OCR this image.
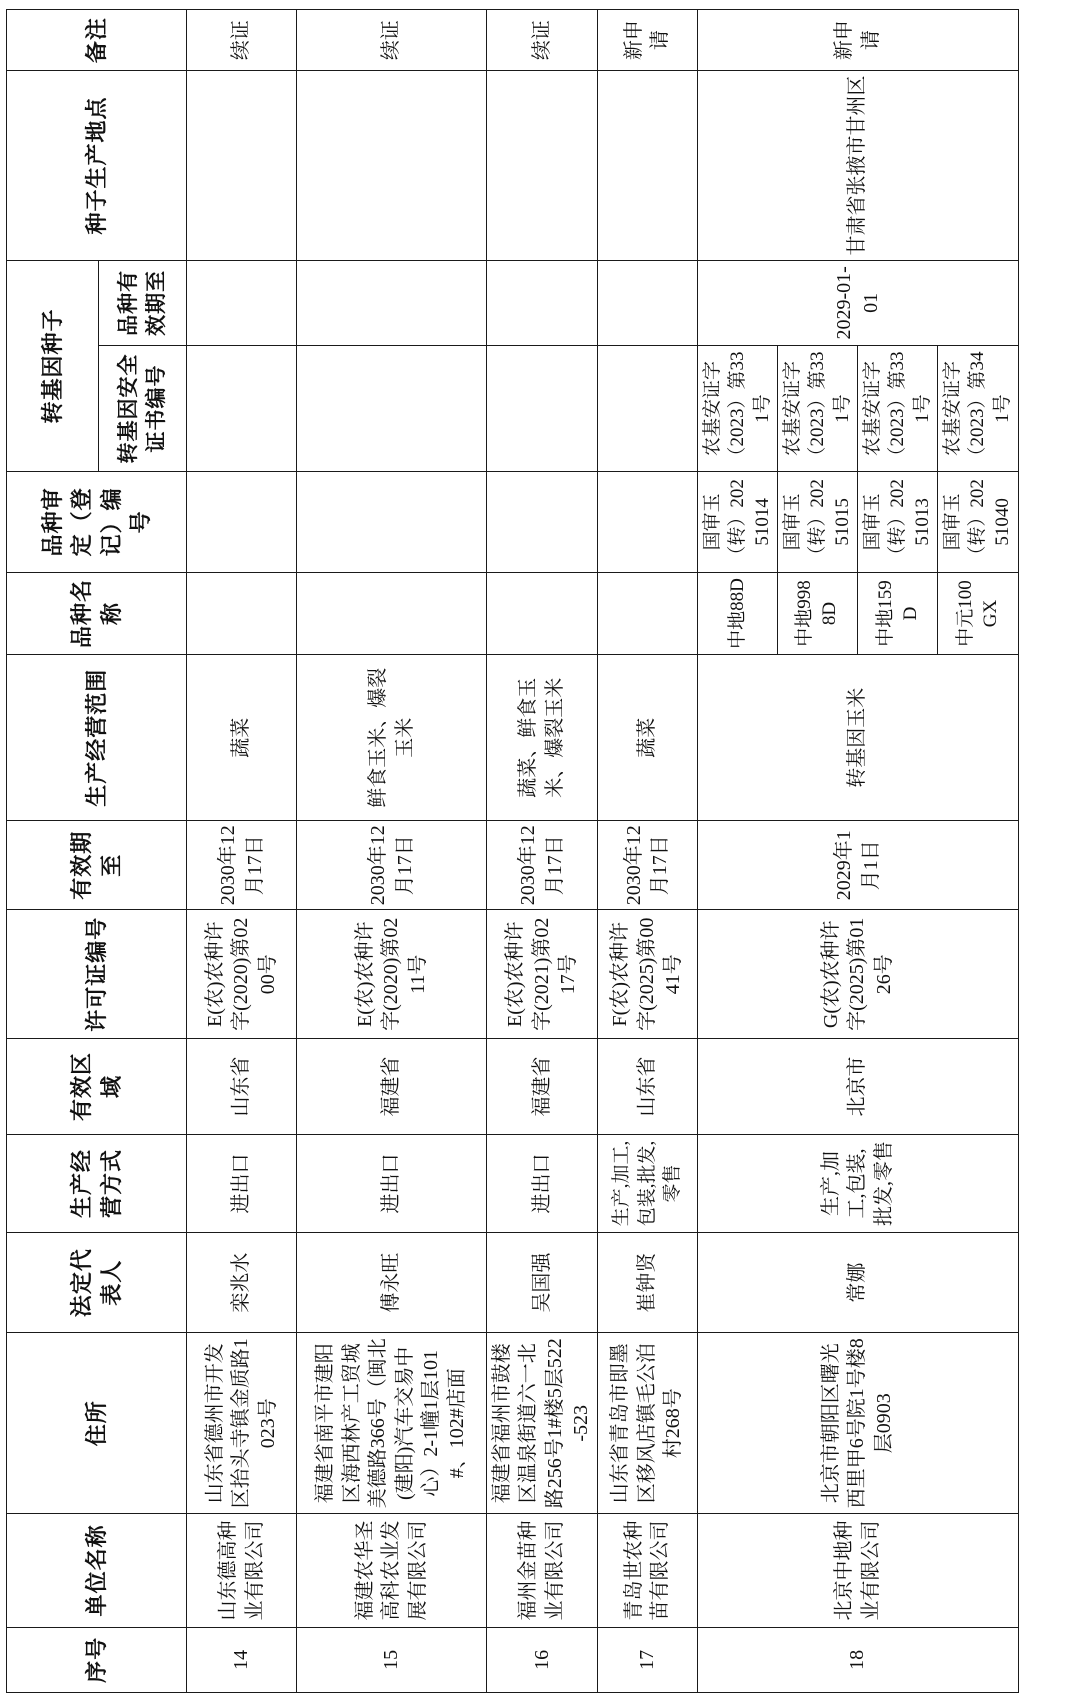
序号	单位名称	住所	法定代表人	生产经营方式	有效区域	许可证编号	有效期至	生产经营范围	品种名称	品种审定（登记）编号	转基因种子		种子生产地点	备注
											转基因安全证书编号	品种有效期至		
14	山东德高种业有限公司	山东省德州市开发区抬头寺镇金质路1023号	栾兆水	进出口	山东省	E(农)农种许字(2020)第0200号	2030年12月17日	蔬菜						续证
15	福建农华圣高科农业发展有限公司	福建省南平市建阳区海西林产工贸城美德路366号（闽北(建阳)汽车交易中心）2-1幢1层101#、102#店面	傅永旺	进出口	福建省	E(农)农种许字(2020)第0211号	2030年12月17日	鲜食玉米、爆裂玉米						续证
16	福州金苗种业有限公司	福建省福州市鼓楼区温泉街道六一北路256号1#楼5层522-523	吴国强	进出口	福建省	E(农)农种许字(2021)第0217号	2030年12月17日	蔬菜、鲜食玉米、爆裂玉米						续证
17	青岛世农种苗有限公司	山东省青岛市即墨区移风店镇毛公泊村268号	崔钟贤	生产,加工,包装,批发,零售	山东省	F(农)农种许字(2025)第0041号	2030年12月17日	蔬菜						新申请
18	北京中地种业有限公司	北京市朝阳区曙光西里甲6号院1号楼8层0903	常娜	生产,加工,包装,批发,零售	北京市	G(农)农种许字(2025)第0126号	2029年1月1日	转基因玉米	中地88D	国审玉（转）20251014	农基安证字（2023）第331号	2029-01-01	甘肃省张掖市甘州区	新申请
									中地9988D	国审玉（转）20251015	农基安证字（2023）第331号			
									中地159D	国审玉（转）20251013	农基安证字（2023）第331号			
									中元100GX	国审玉（转）20251040	农基安证字（2023）第341号			
